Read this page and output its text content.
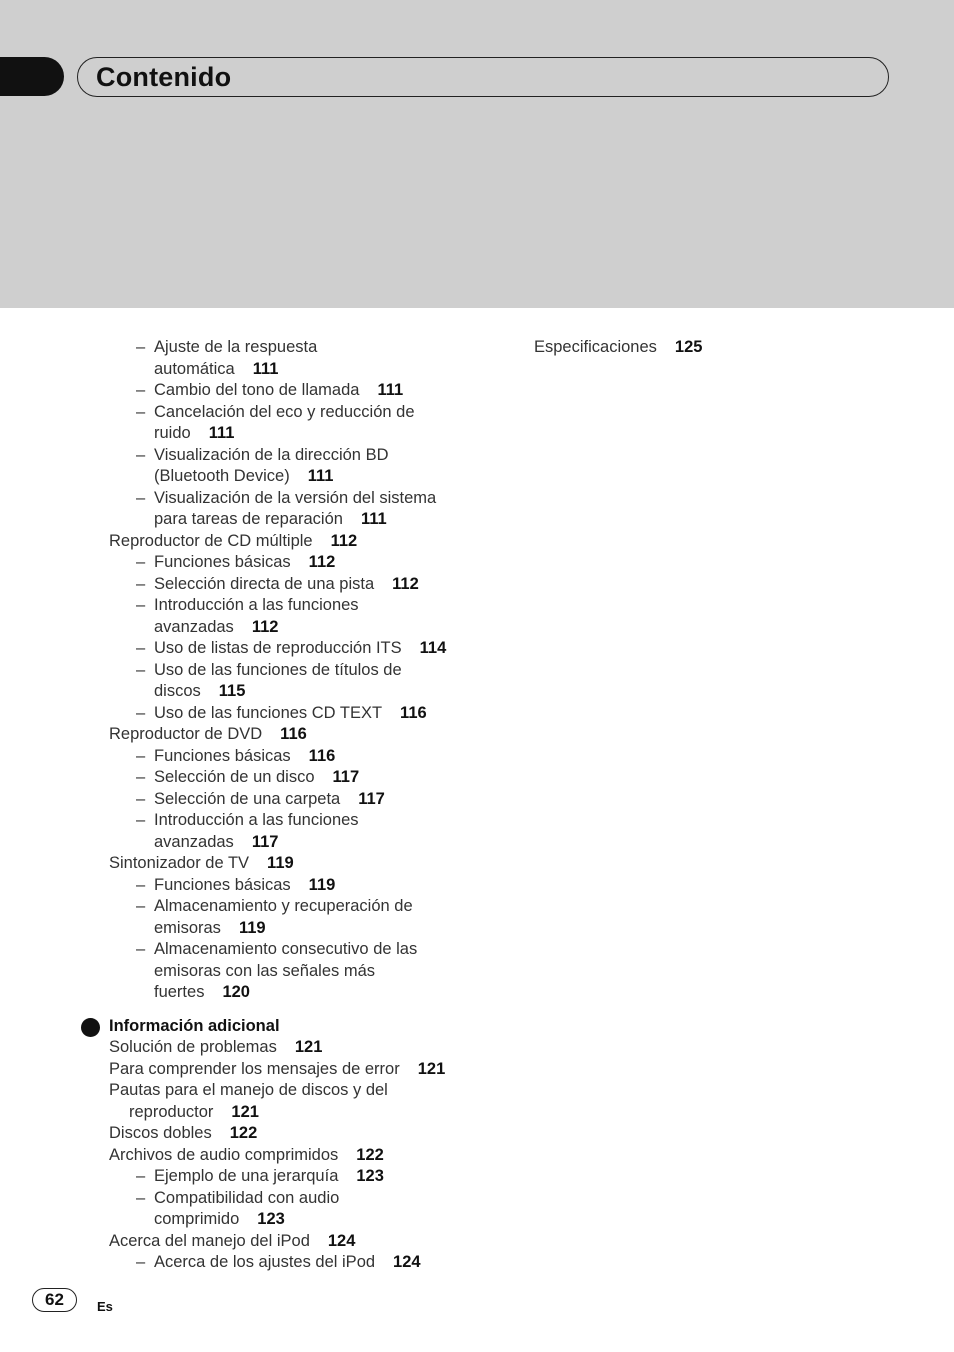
Contenido
– Ajuste de la respuesta
automática 111
– Cambio del tono de llamada 111
– Cancelación del eco y reducción de
ruido 111
– Visualización de la dirección BD
(Bluetooth Device) 111
– Visualización de la versión del sistema
para tareas de reparación 111
Reproductor de CD múltiple 112
– Funciones básicas 112
– Selección directa de una pista 112
– Introducción a las funciones
avanzadas 112
– Uso de listas de reproducción ITS 114
– Uso de las funciones de títulos de
discos 115
– Uso de las funciones CD TEXT 116
Reproductor de DVD 116
– Funciones básicas 116
– Selección de un disco 117
– Selección de una carpeta 117
– Introducción a las funciones
avanzadas 117
Sintonizador de TV 119
– Funciones básicas 119
– Almacenamiento y recuperación de
emisoras 119
– Almacenamiento consecutivo de las
emisoras con las señales más
fuertes 120
Información adicional
Solución de problemas 121
Para comprender los mensajes de error 121
Pautas para el manejo de discos y del
reproductor 121
Discos dobles 122
Archivos de audio comprimidos 122
– Ejemplo de una jerarquía 123
– Compatibilidad con audio
comprimido 123
Acerca del manejo del iPod 124
– Acerca de los ajustes del iPod 124
Especificaciones 125
62	Es
